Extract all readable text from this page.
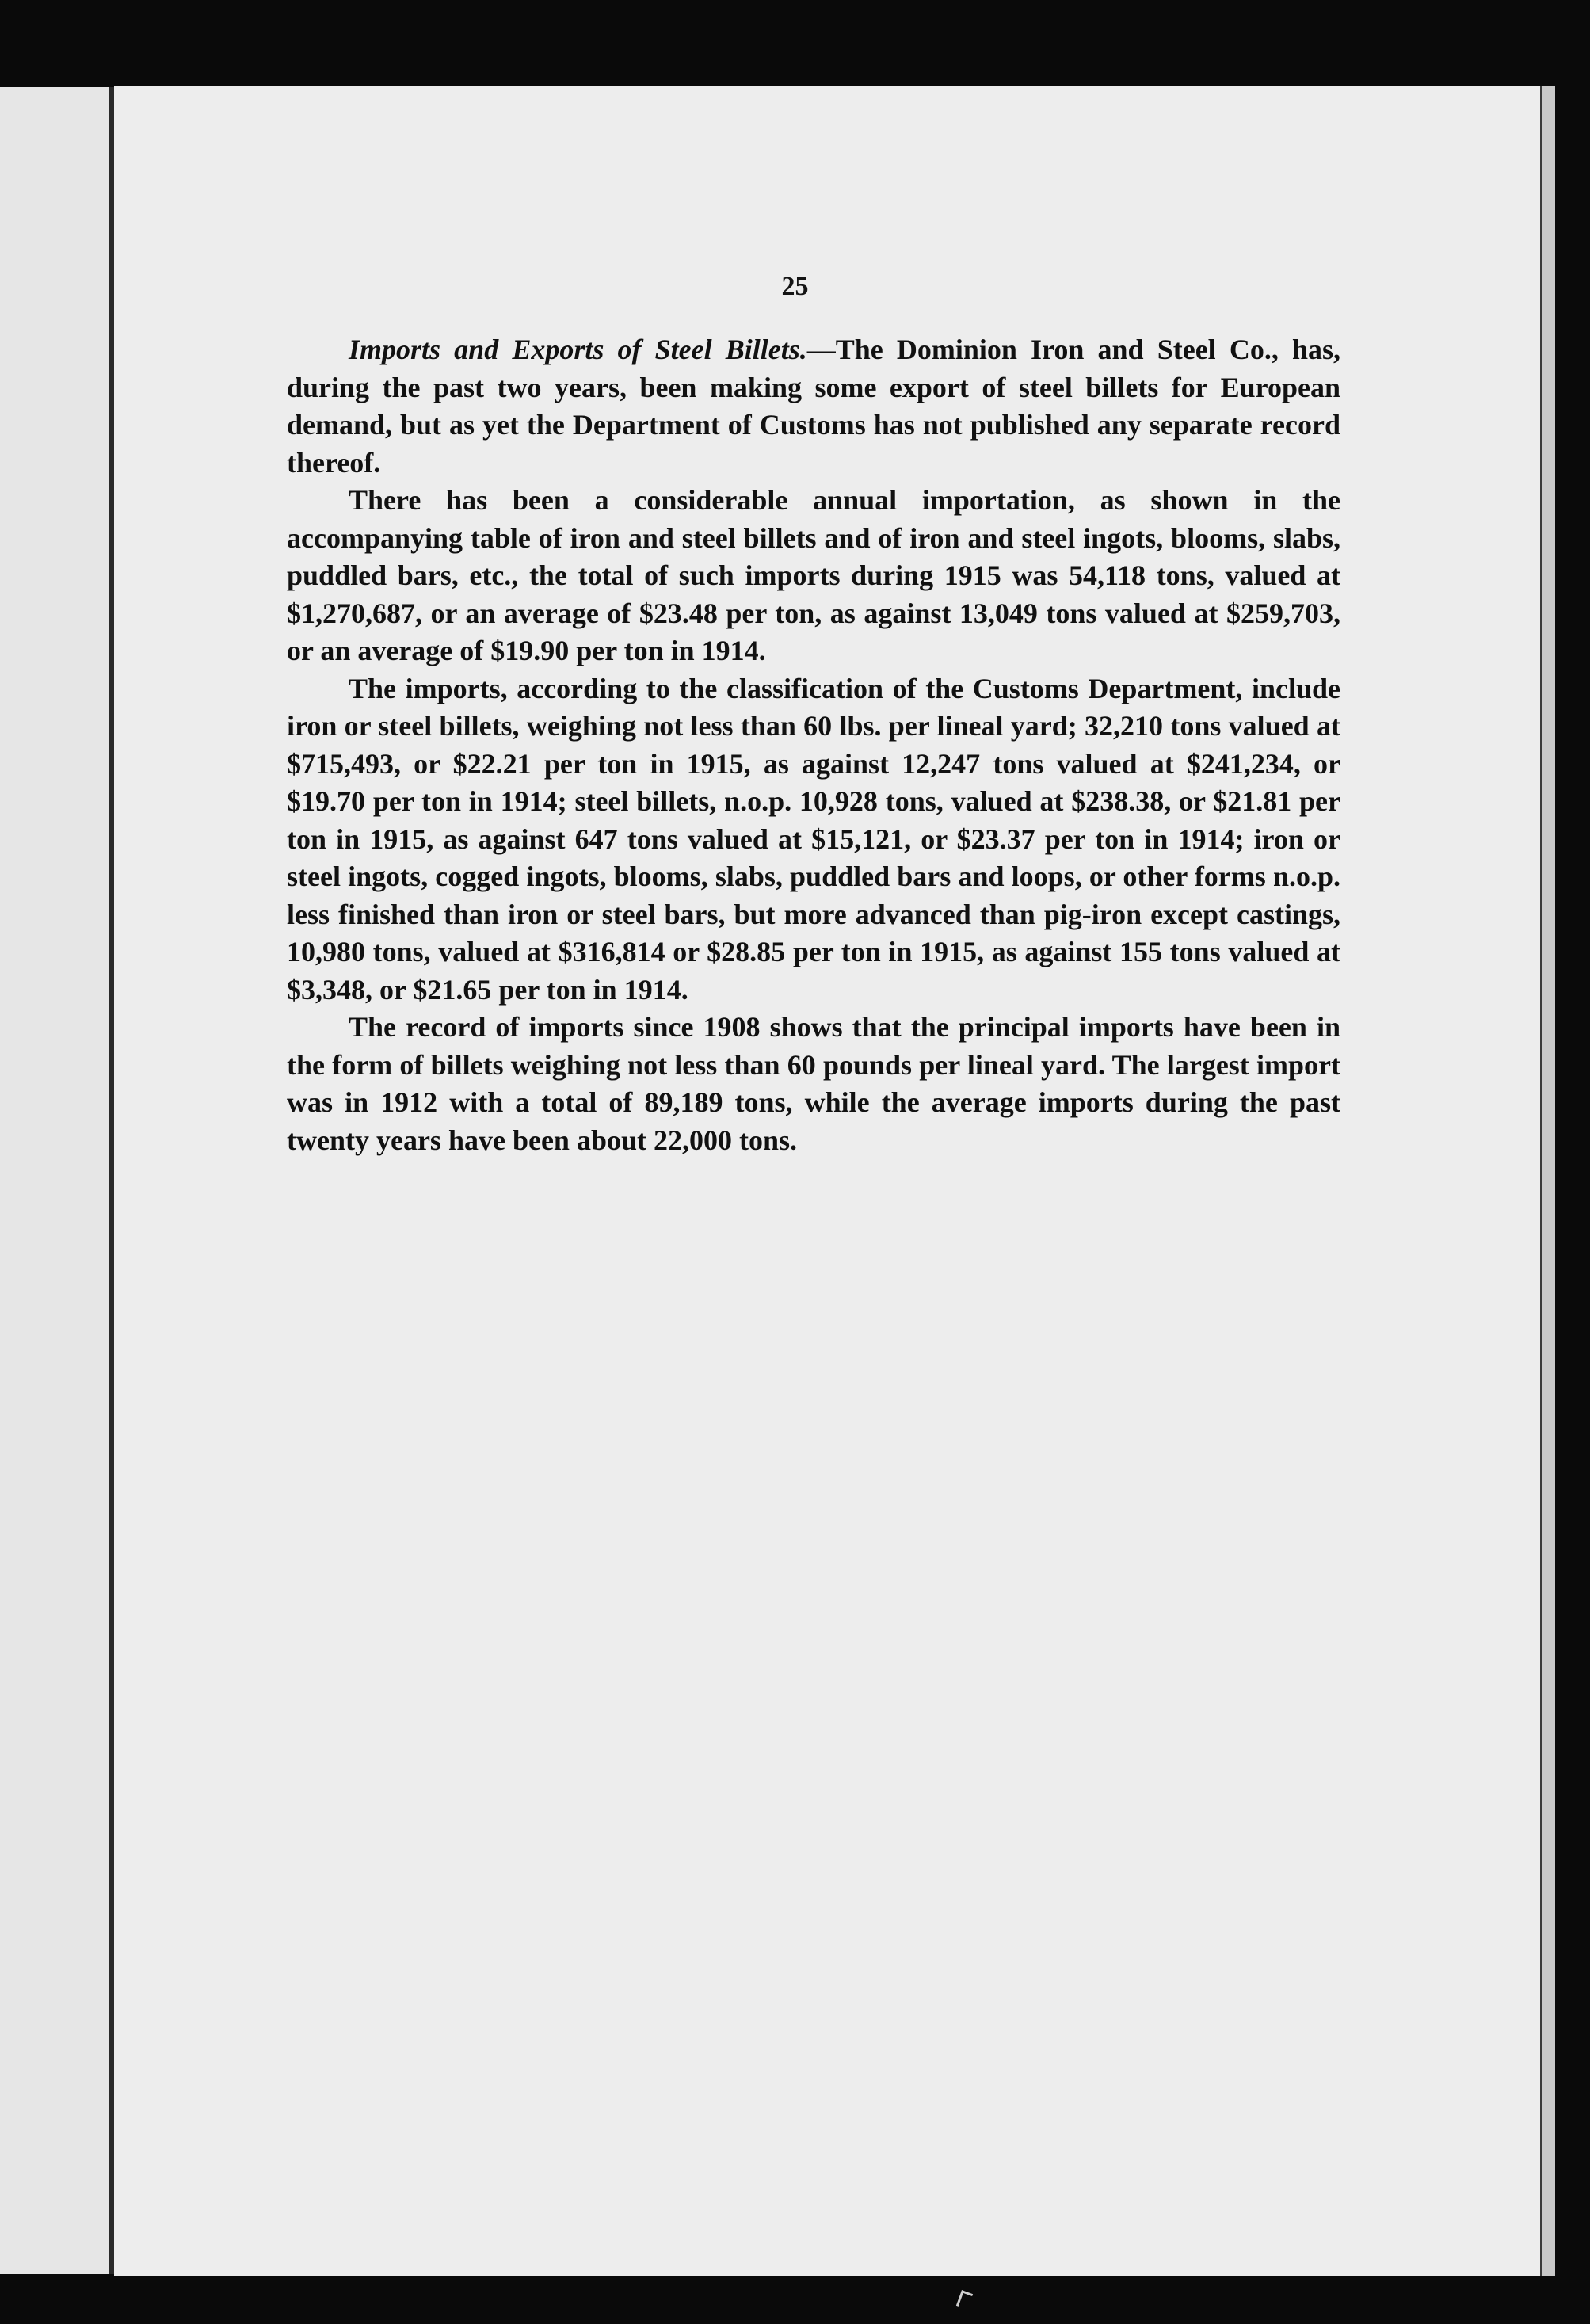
25

Imports and Exports of Steel Billets.—The Dominion Iron and Steel Co., has, during the past two years, been making some export of steel billets for European demand, but as yet the Department of Customs has not published any separate record thereof.

There has been a considerable annual importation, as shown in the accompanying table of iron and steel billets and of iron and steel ingots, blooms, slabs, puddled bars, etc., the total of such imports during 1915 was 54,118 tons, valued at $1,270,687, or an average of $23.48 per ton, as against 13,049 tons valued at $259,703, or an average of $19.90 per ton in 1914.

The imports, according to the classification of the Customs Department, include iron or steel billets, weighing not less than 60 lbs. per lineal yard; 32,210 tons valued at $715,493, or $22.21 per ton in 1915, as against 12,247 tons valued at $241,234, or $19.70 per ton in 1914; steel billets, n.o.p. 10,928 tons, valued at $238.38, or $21.81 per ton in 1915, as against 647 tons valued at $15,121, or $23.37 per ton in 1914; iron or steel ingots, cogged ingots, blooms, slabs, puddled bars and loops, or other forms n.o.p. less finished than iron or steel bars, but more advanced than pig-iron except castings, 10,980 tons, valued at $316,814 or $28.85 per ton in 1915, as against 155 tons valued at $3,348, or $21.65 per ton in 1914.

The record of imports since 1908 shows that the principal imports have been in the form of billets weighing not less than 60 pounds per lineal yard. The largest import was in 1912 with a total of 89,189 tons, while the average imports during the past twenty years have been about 22,000 tons.
